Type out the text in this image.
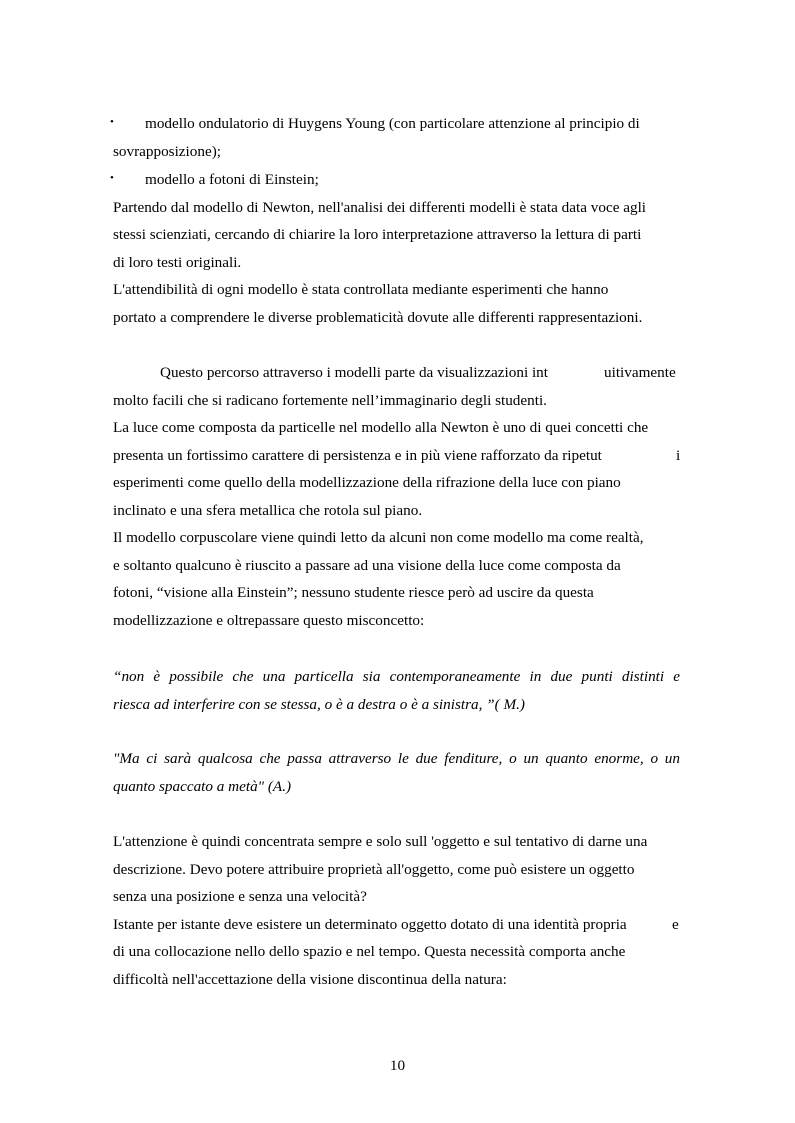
• modello ondulatorio di Huygens Young (con particolare attenzione al principio di
sovrapposizione);
• modello a fotoni di Einstein;
Partendo dal modello di Newton, nell'analisi dei differenti modelli è stata data voce agli
stessi scienziati, cercando di chiarire la loro interpretazione attraverso la lettura di parti
di loro testi originali.
L'attendibilità di ogni modello è stata controllata mediante esperimenti che hanno
portato a comprendere le diverse problematicità dovute alle differenti rappresentazioni.
Questo percorso attraverso i modelli parte da visualizzazioni int	uitivamente
molto facili che si radicano fortemente nell’immaginario degli studenti.
La luce come composta da particelle nel modello alla Newton è uno di quei concetti che
presenta un fortissimo carattere di persistenza e in più viene rafforzato da ripetut	i
esperimenti come quello della modellizzazione della rifrazione della luce con piano
inclinato e una sfera metallica che rotola sul piano.
Il modello corpuscolare viene quindi letto da alcuni non come modello ma come realtà,
e soltanto qualcuno è riuscito a passare ad una visione della luce come composta da
fotoni, “visione alla Einstein”; nessuno studente riesce però ad uscire da questa
modellizzazione e oltrepassare questo misconcetto:
“non è possibile che una particella sia contemporaneamente in due punti distinti e
riesca ad interferire con se stessa, o è a destra o è a sinistra, ”( M.)
"Ma ci sarà qualcosa che passa attraverso le due fenditure, o un quanto enorme, o un
quanto spaccato a metà" (A.)
L'attenzione è quindi concentrata sempre e solo sull 'oggetto e sul tentativo di darne una
descrizione. Devo potere attribuire proprietà all'oggetto, come può esistere un oggetto
senza una posizione e senza una velocità?
Istante per istante deve esistere un determinato oggetto dotato di una identità propria	e
di una collocazione nello dello spazio e nel tempo. Questa necessità comporta anche
difficoltà nell'accettazione della visione discontinua della natura:
10
